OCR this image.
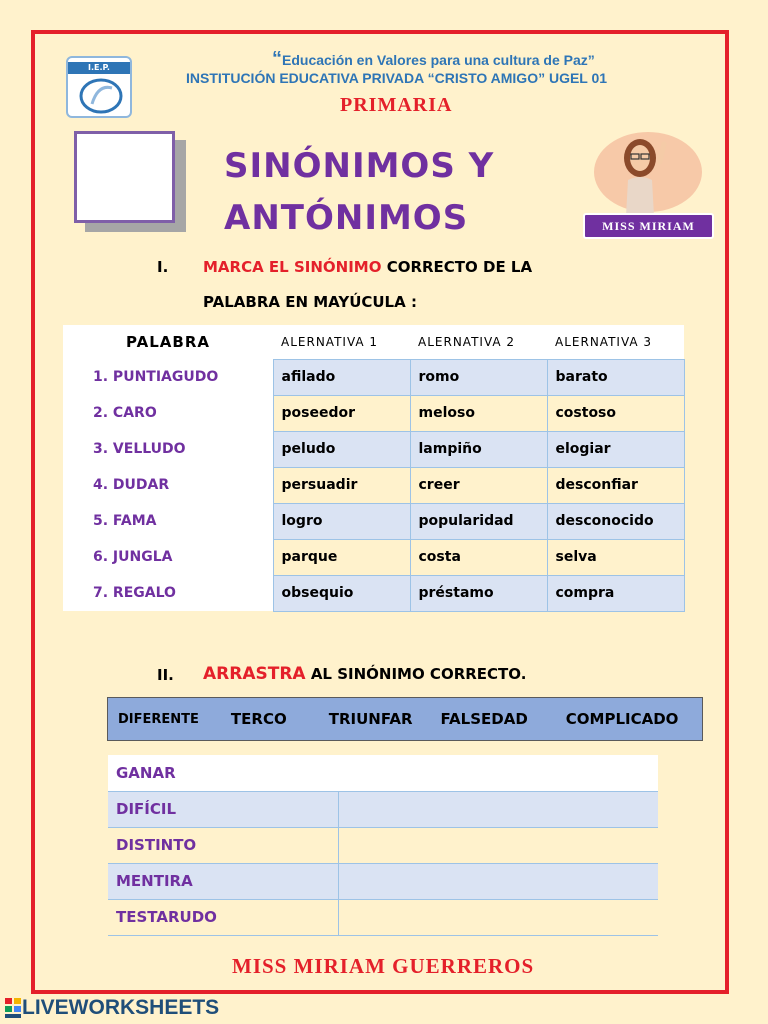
I.E.P.	“Educación en Valores para una cultura de Paz”
INSTITUCIÓN EDUCATIVA PRIVADA “CRISTO AMIGO” UGEL 01
PRIMARIA
SINÓNIMOS Y
ANTÓNIMOS	MISS MIRIAM
I. MARCA EL SINÓNIMO CORRECTO DE LA
PALABRA EN MAYÚCULA :
PALABRA	ALERNATIVA 1	ALERNATIVA 2	ALERNATIVA 3
1. PUNTIAGUDO	afilado	romo	barato
2. CARO	poseedor	meloso	costoso
3. VELLUDO	peludo	lampiño	elogiar
4. DUDAR	persuadir	creer	desconfiar
5. FAMA	logro	popularidad	desconocido
6. JUNGLA	parque	costa	selva
7. REGALO	obsequio	préstamo	compra
II. ARRASTRA AL SINÓNIMO CORRECTO.
DIFERENTE TERCO	TRIUNFAR FALSEDAD	COMPLICADO
GANAR	
DIFÍCIL	
DISTINTO	
MENTIRA	
TESTARUDO	
MISS MIRIAM GUERREROS
LIVEWORKSHEETS
